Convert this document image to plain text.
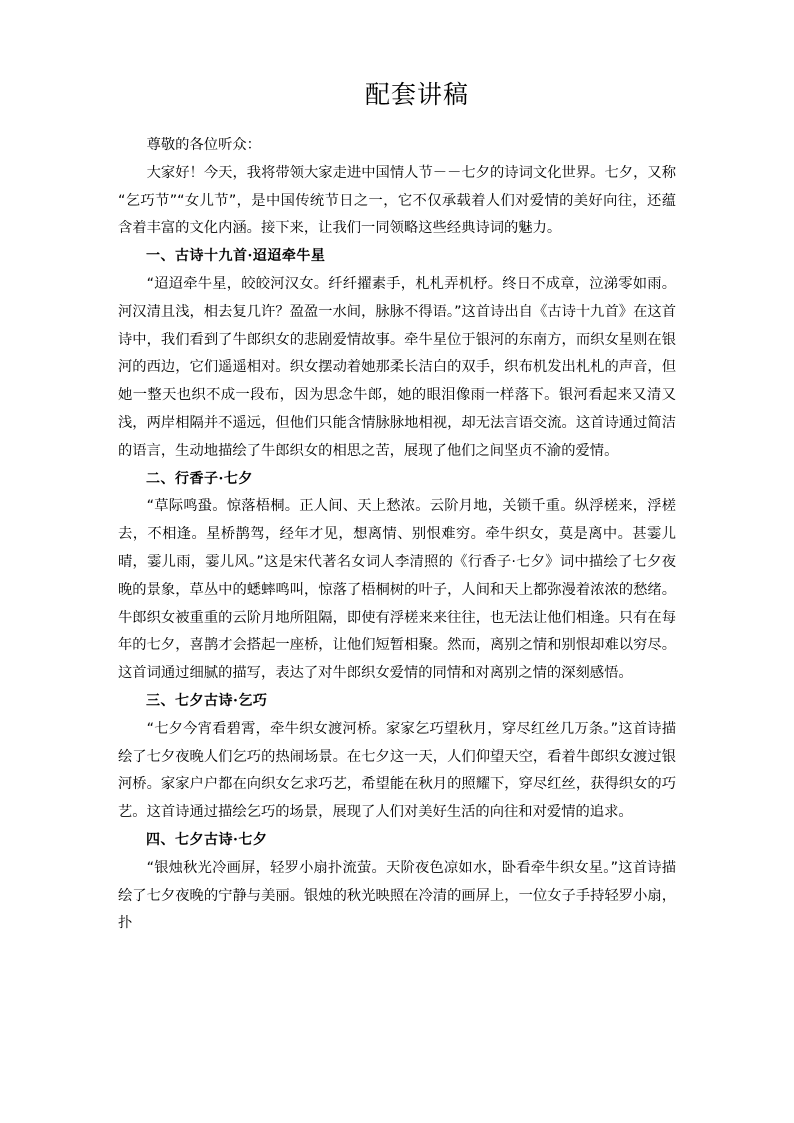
配套讲稿

尊敬的各位听众：

大家好！今天，我将带领大家走进中国情人节－－七夕的诗词文化世界。七夕，又称“乞巧节”“女儿节”，是中国传统节日之一，它不仅承载着人们对爱情的美好向往，还蕴含着丰富的文化内涵。接下来，让我们一同领略这些经典诗词的魅力。

一、古诗十九首·迢迢牵牛星

“迢迢牵牛星，皎皎河汉女。纤纤擢素手，札札弄机杼。终日不成章，泣涕零如雨。河汉清且浅，相去复几许？盈盈一水间，脉脉不得语。”这首诗出自《古诗十九首》在这首诗中，我们看到了牛郎织女的悲剧爱情故事。牵牛星位于银河的东南方，而织女星则在银河的西边，它们遥遥相对。织女摆动着她那柔长洁白的双手，织布机发出札札的声音，但她一整天也织不成一段布，因为思念牛郎，她的眼泪像雨一样落下。银河看起来又清又浅，两岸相隔并不遥远，但他们只能含情脉脉地相视，却无法言语交流。这首诗通过简洁的语言，生动地描绘了牛郎织女的相思之苦，展现了他们之间坚贞不渝的爱情。

二、行香子·七夕

“草际鸣蛩。惊落梧桐。正人间、天上愁浓。云阶月地，关锁千重。纵浮槎来，浮槎去，不相逢。星桥鹊驾，经年才见，想离情、别恨难穷。牵牛织女，莫是离中。甚霎儿晴，霎儿雨，霎儿风。”这是宋代著名女词人李清照的《行香子·七夕》词中描绘了七夕夜晚的景象，草丛中的蟋蟀鸣叫，惊落了梧桐树的叶子，人间和天上都弥漫着浓浓的愁绪。牛郎织女被重重的云阶月地所阻隔，即使有浮槎来来往往，也无法让他们相逢。只有在每年的七夕，喜鹊才会搭起一座桥，让他们短暂相聚。然而，离别之情和别恨却难以穷尽。这首词通过细腻的描写，表达了对牛郎织女爱情的同情和对离别之情的深刻感悟。

三、七夕古诗·乞巧

“七夕今宵看碧霄，牵牛织女渡河桥。家家乞巧望秋月，穿尽红丝几万条。”这首诗描绘了七夕夜晚人们乞巧的热闹场景。在七夕这一天，人们仰望天空，看着牛郎织女渡过银河桥。家家户户都在向织女乞求巧艺，希望能在秋月的照耀下，穿尽红丝，获得织女的巧艺。这首诗通过描绘乞巧的场景，展现了人们对美好生活的向往和对爱情的追求。

四、七夕古诗·七夕

“银烛秋光冷画屏，轻罗小扇扑流萤。天阶夜色凉如水，卧看牵牛织女星。”这首诗描绘了七夕夜晚的宁静与美丽。银烛的秋光映照在冷清的画屏上，一位女子手持轻罗小扇，扑
